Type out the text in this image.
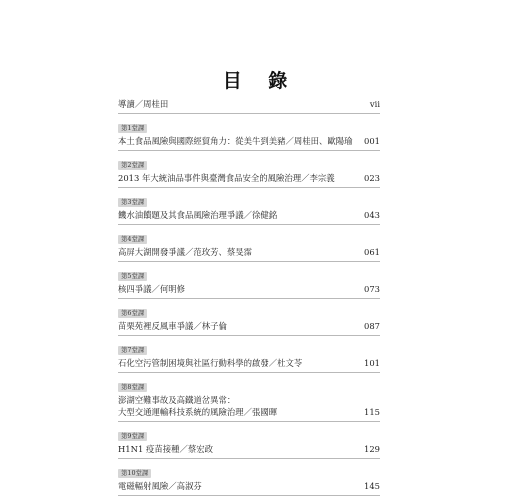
目 錄
導讀／周桂田	vii
第1堂課
本土食品風險與國際經貿角力：從美牛到美豬／周桂田、歐陽瑜 001
第2堂課
2013 年大統油品事件與臺灣食品安全的風險治理／李宗義	023
第3堂課
饑水油饋題及其食品風險治理爭議／徐健銘	043
第4堂課
高屏大湖開發爭議／范玫芳、蔡旻霈	061
第5堂課
核四爭議／何明修	073
第6堂課
苗栗苑裡反風車爭議／林子倫	087
第7堂課
石化空污管制困境與社區行動科學的啟發／杜文苓	101
第8堂課
澎湖空難事故及高鐵道岔異常：
大型交通運輸科技系統的風險治理／張國暉	115
第9堂課
H1N1 疫苗接種／蔡宏政	129
第10堂課
電磁輻射風險／高淑芬	145
